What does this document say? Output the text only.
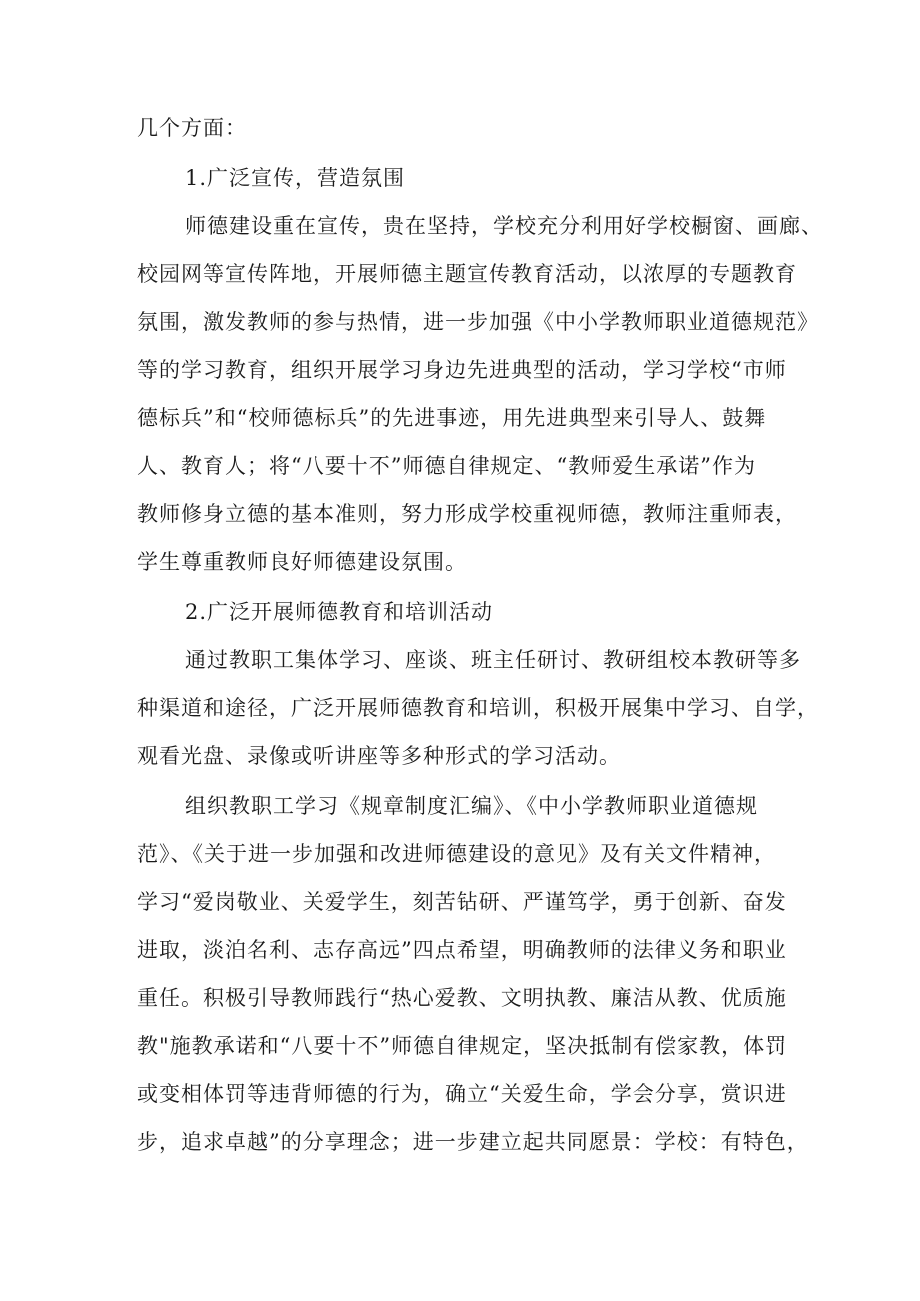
几个方面：
1.广泛宣传，营造氛围
师德建设重在宣传，贵在坚持，学校充分利用好学校橱窗、画廊、
校园网等宣传阵地，开展师德主题宣传教育活动，以浓厚的专题教育
氛围，激发教师的参与热情，进一步加强《中小学教师职业道德规范》
等的学习教育，组织开展学习身边先进典型的活动，学习学校“市师
德标兵”和“校师德标兵”的先进事迹，用先进典型来引导人、鼓舞
人、教育人；将“八要十不”师德自律规定、“教师爱生承诺”作为
教师修身立德的基本准则，努力形成学校重视师德，教师注重师表，
学生尊重教师良好师德建设氛围。
2.广泛开展师德教育和培训活动
通过教职工集体学习、座谈、班主任研讨、教研组校本教研等多
种渠道和途径，广泛开展师德教育和培训，积极开展集中学习、自学，
观看光盘、录像或听讲座等多种形式的学习活动。
组织教职工学习《规章制度汇编》、《中小学教师职业道德规
范》、《关于进一步加强和改进师德建设的意见》及有关文件精神，
学习“爱岗敬业、关爱学生，刻苦钻研、严谨笃学，勇于创新、奋发
进取，淡泊名利、志存高远”四点希望，明确教师的法律义务和职业
重任。积极引导教师践行“热心爱教、文明执教、廉洁从教、优质施
教"施教承诺和“八要十不”师德自律规定，坚决抵制有偿家教，体罚
或变相体罚等违背师德的行为，确立“关爱生命，学会分享，赏识进
步，追求卓越”的分享理念；进一步建立起共同愿景：学校：有特色，
